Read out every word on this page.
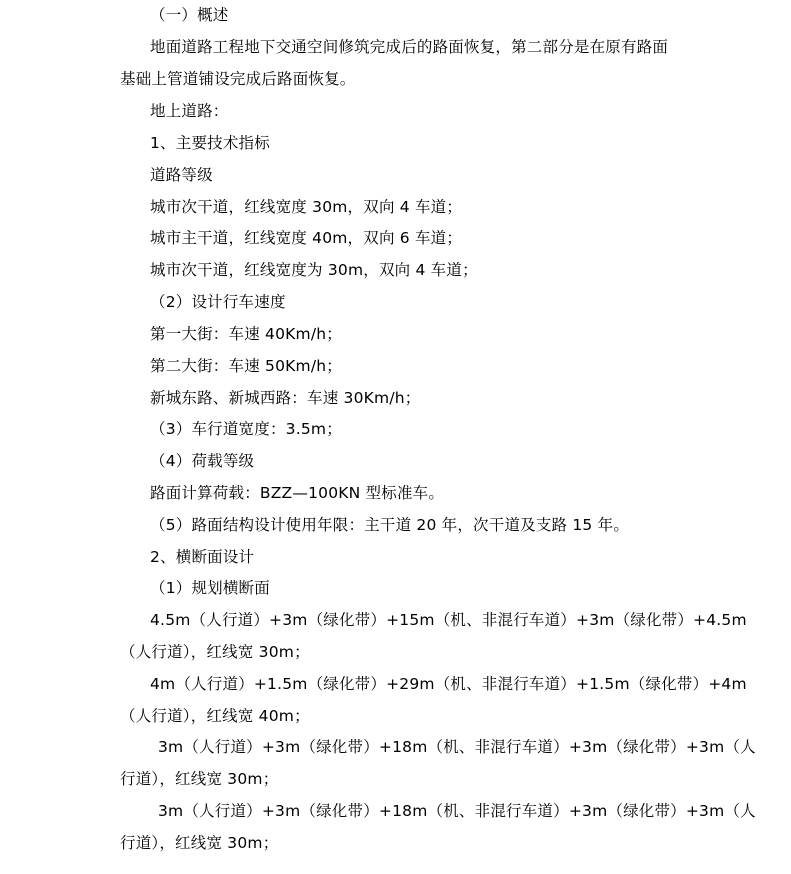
（一）概述
地面道路工程地下交通空间修筑完成后的路面恢复，第二部分是在原有路面
基础上管道铺设完成后路面恢复。
地上道路：
1、主要技术指标
道路等级
城市次干道，红线宽度 30m，双向 4 车道；
城市主干道，红线宽度 40m，双向 6 车道；
城市次干道，红线宽度为 30m，双向 4 车道；
（2）设计行车速度
第一大街：车速 40Km/h；
第二大街：车速 50Km/h；
新城东路、新城西路：车速 30Km/h；
（3）车行道宽度：3.5m；
（4）荷载等级
路面计算荷载：BZZ—100KN 型标准车。
（5）路面结构设计使用年限：主干道 20 年，次干道及支路 15 年。
2、横断面设计
（1）规划横断面
4.5m（人行道）+3m（绿化带）+15m（机、非混行车道）+3m（绿化带）+4.5m
（人行道），红线宽 30m；
4m（人行道）+1.5m（绿化带）+29m（机、非混行车道）+1.5m（绿化带）+4m
（人行道），红线宽 40m；
3m（人行道）+3m（绿化带）+18m（机、非混行车道）+3m（绿化带）+3m（人
行道），红线宽 30m；
3m（人行道）+3m（绿化带）+18m（机、非混行车道）+3m（绿化带）+3m（人
行道），红线宽 30m；
